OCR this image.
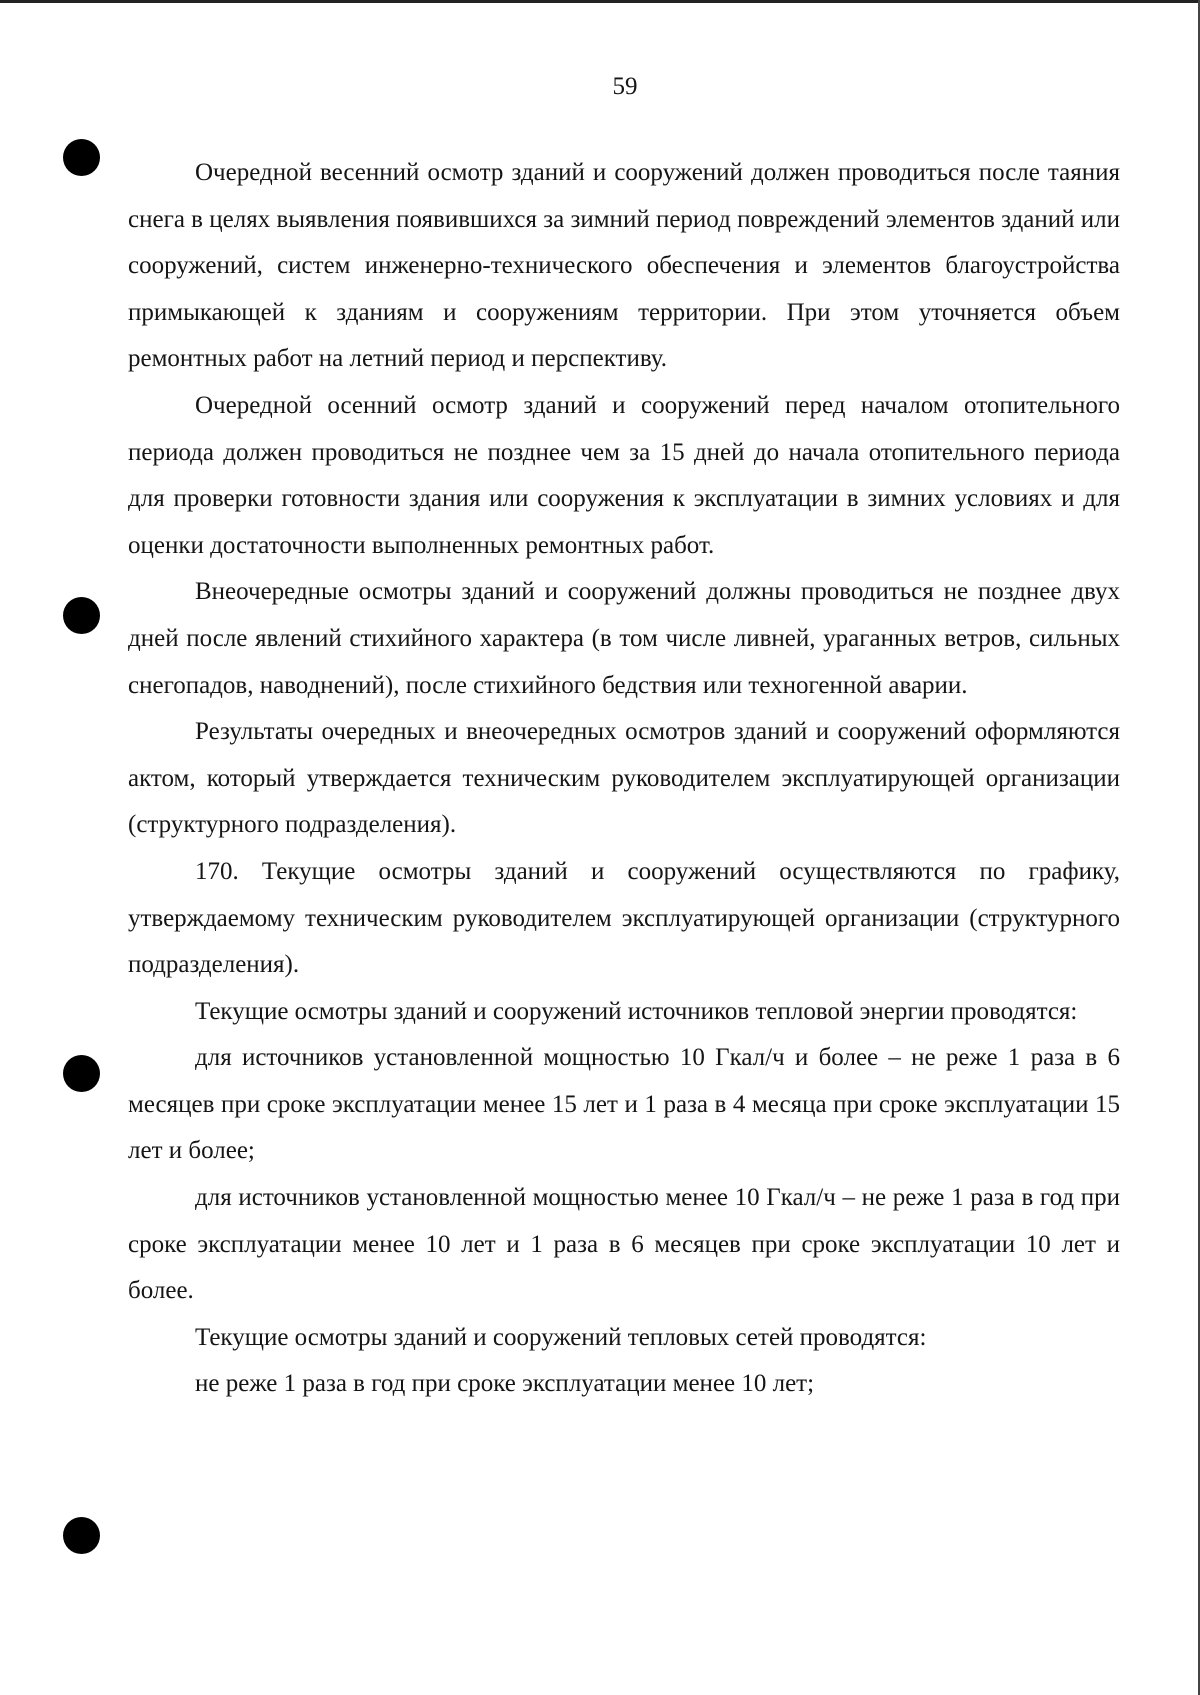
59

Очередной весенний осмотр зданий и сооружений должен проводиться после таяния снега в целях выявления появившихся за зимний период повреждений элементов зданий или сооружений, систем инженерно-технического обеспечения и элементов благоустройства примыкающей к зданиям и сооружениям территории. При этом уточняется объем ремонтных работ на летний период и перспективу.

Очередной осенний осмотр зданий и сооружений перед началом отопительного периода должен проводиться не позднее чем за 15 дней до начала отопительного периода для проверки готовности здания или сооружения к эксплуатации в зимних условиях и для оценки достаточности выполненных ремонтных работ.

Внеочередные осмотры зданий и сооружений должны проводиться не позднее двух дней после явлений стихийного характера (в том числе ливней, ураганных ветров, сильных снегопадов, наводнений), после стихийного бедствия или техногенной аварии.

Результаты очередных и внеочередных осмотров зданий и сооружений оформляются актом, который утверждается техническим руководителем эксплуатирующей организации (структурного подразделения).

170. Текущие осмотры зданий и сооружений осуществляются по графику, утверждаемому техническим руководителем эксплуатирующей организации (структурного подразделения).

Текущие осмотры зданий и сооружений источников тепловой энергии проводятся:

для источников установленной мощностью 10 Гкал/ч и более – не реже 1 раза в 6 месяцев при сроке эксплуатации менее 15 лет и 1 раза в 4 месяца при сроке эксплуатации 15 лет и более;

для источников установленной мощностью менее 10 Гкал/ч – не реже 1 раза в год при сроке эксплуатации менее 10 лет и 1 раза в 6 месяцев при сроке эксплуатации 10 лет и более.

Текущие осмотры зданий и сооружений тепловых сетей проводятся:

не реже 1 раза в год при сроке эксплуатации менее 10 лет;
